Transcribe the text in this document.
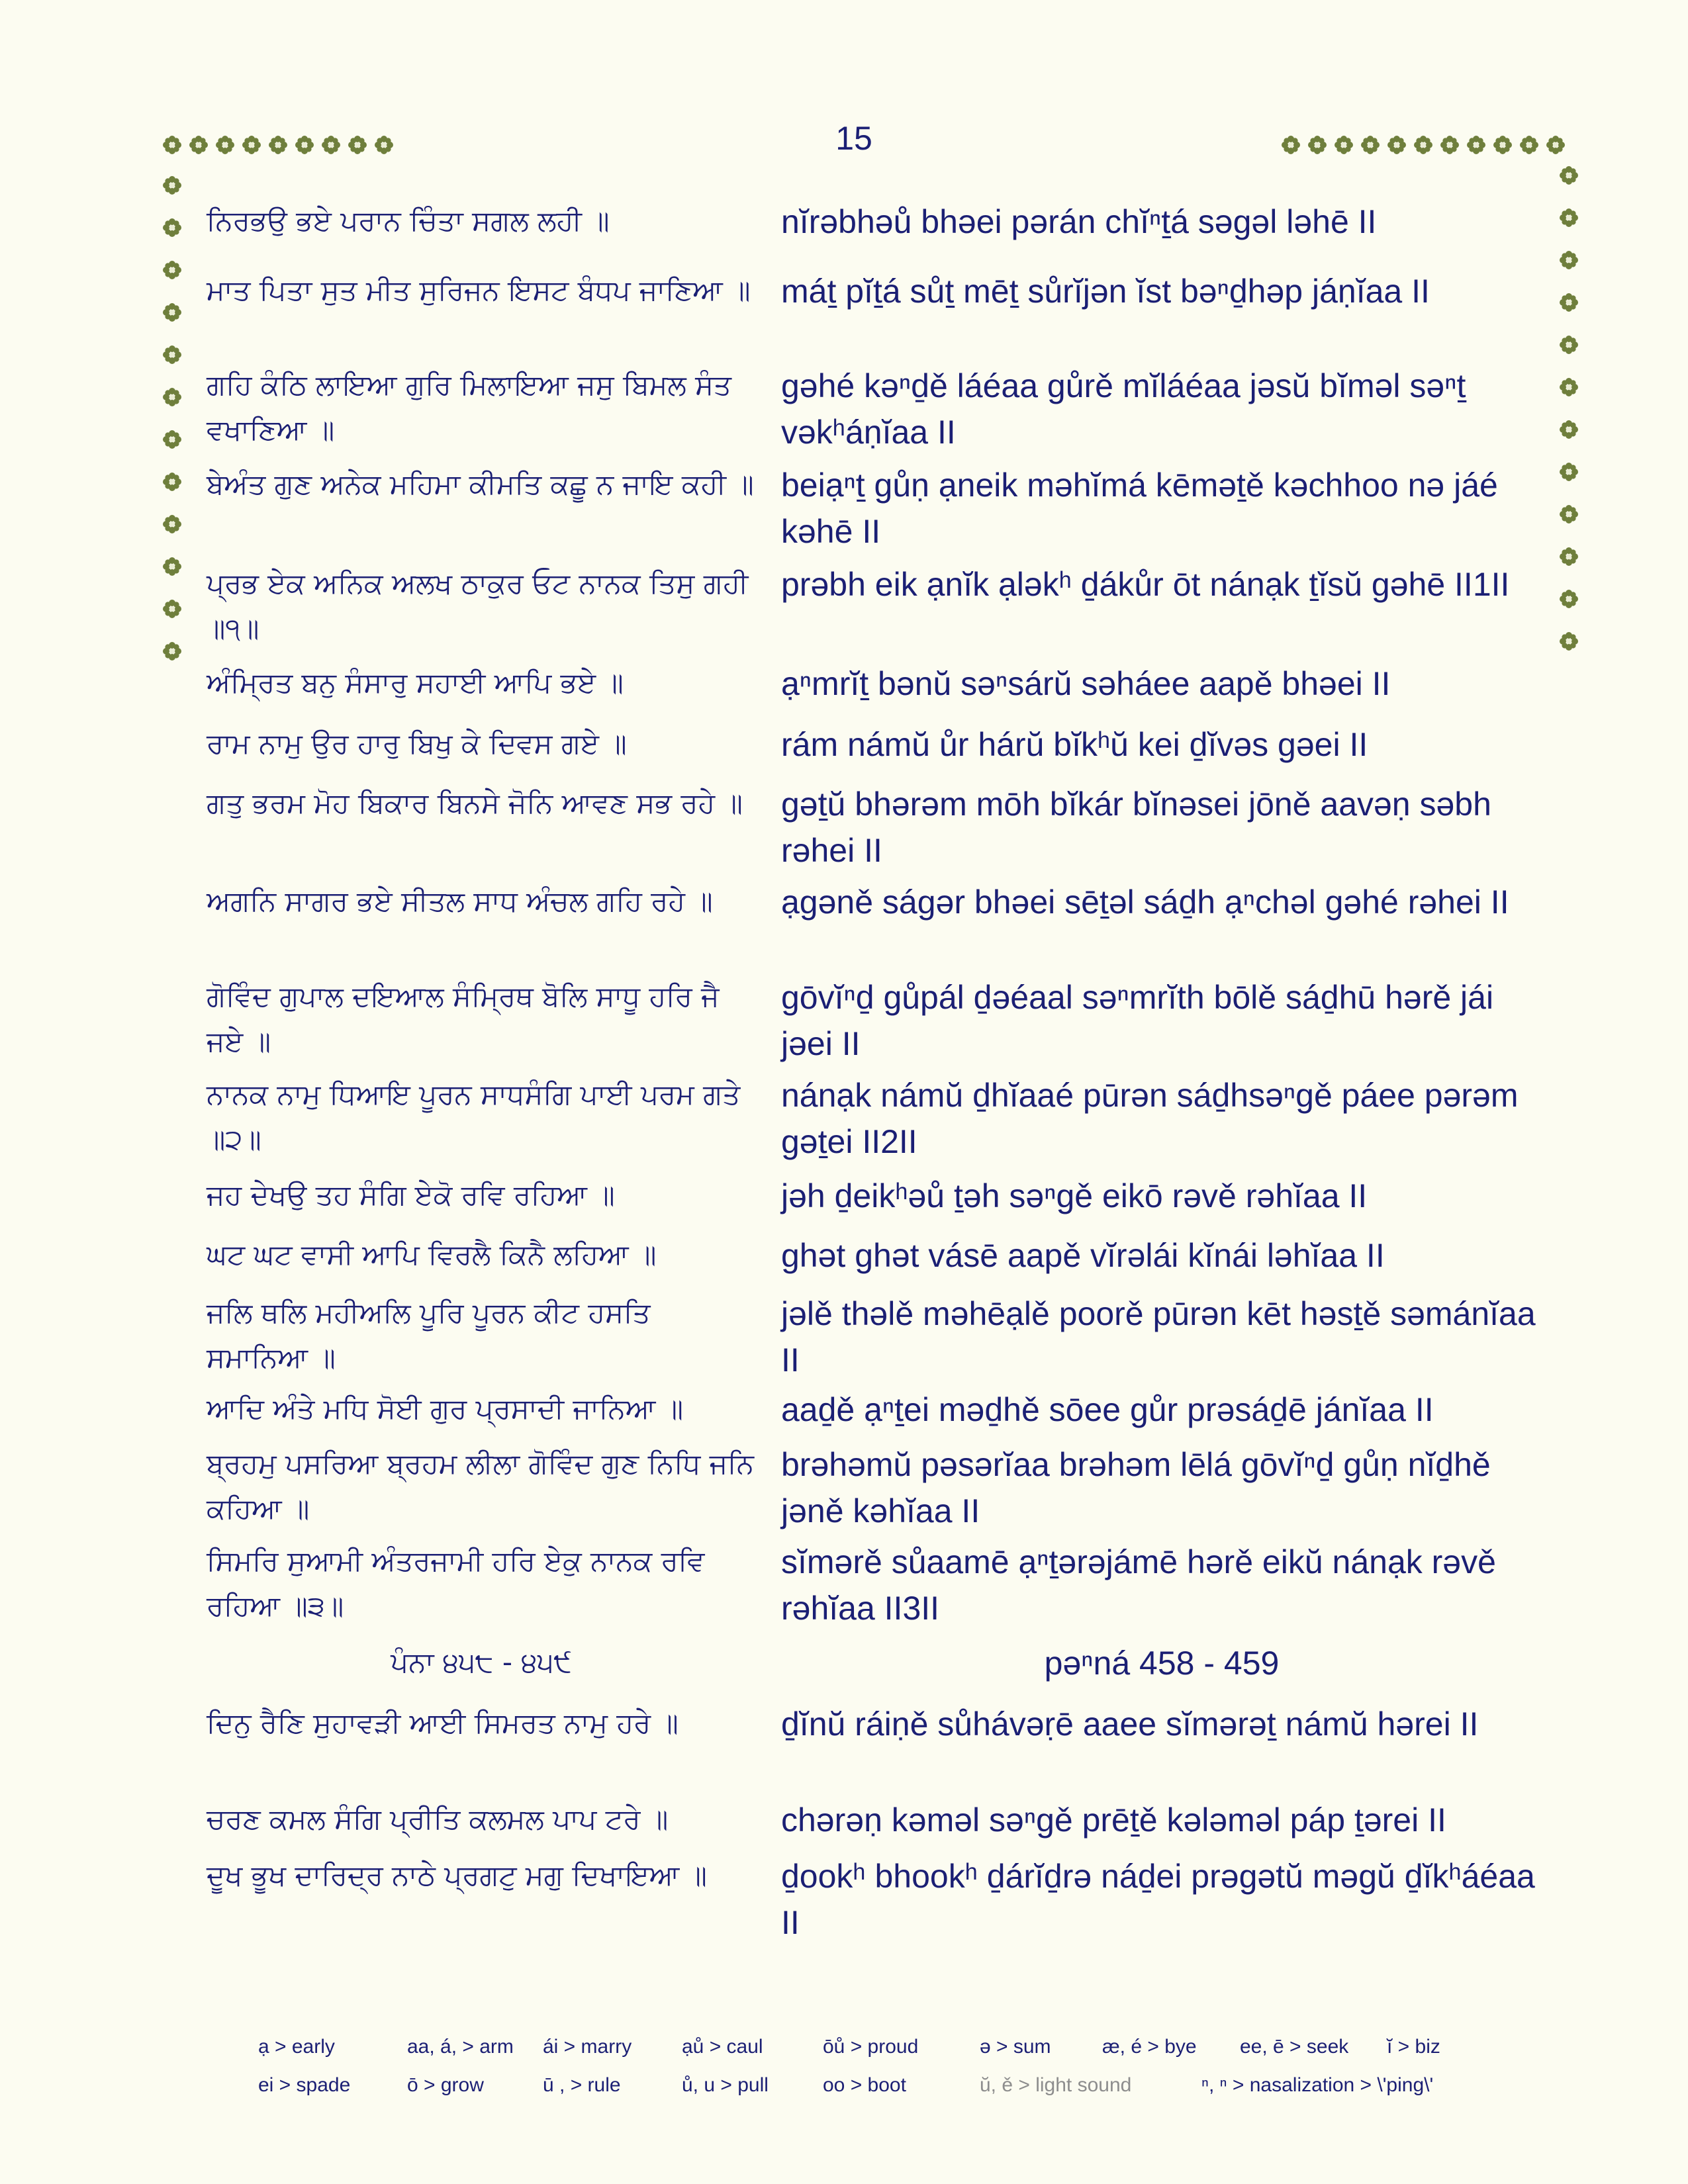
15
ਨਿਰਭਉ ਭਏ ਪਰਾਨ ਚਿੰਤਾ ਸਗਲ ਲਹੀ ॥	nĭrəbhəů bhəei pərán chĭⁿṯá səgəl ləhē II
ਮਾਤ ਪਿਤਾ ਸੁਤ ਮੀਤ ਸੁਰਿਜਨ ਇਸਟ ਬੰਧਪ ਜਾਣਿਆ ॥ máṯ pĭṯá sůṯ mēṯ sůrĭjən ĭst bəⁿḏhəp jáṇĭaa II
ਗਹਿ ਕੰਠਿ ਲਾਇਆ ਗੁਰਿ ਮਿਲਾਇਆ ਜਸੁ ਬਿਮਲ ਸੰਤ ਵਖਾਣਿਆ ॥
gəhé kəⁿḏě láéaa gůrě mĭláéaa jəsŭ bĭməl səⁿṯ vəkʰáṇĭaa II
ਬੇਅੰਤ ਗੁਣ ਅਨੇਕ ਮਹਿਮਾ ਕੀਮਤਿ ਕਛੂ ਨ ਜਾਇ ਕਹੀ ॥ beiạⁿṯ gůṇ ạneik məhĭmá kēməṯě kəchhoo nə jáé kəhē II
ਪ੍ਰਭ ਏਕ ਅਨਿਕ ਅਲਖ ਠਾਕੁਰ ਓਟ ਨਾਨਕ ਤਿਸੁ ਗਹੀ ॥੧॥
prəbh eik ạnĭk ạləkʰ ḏákůr ōt nánạk ṯĭsŭ gəhē II1II
ਅੰਮ੍ਰਿਤ ਬਨੁ ਸੰਸਾਰੁ ਸਹਾਈ ਆਪਿ ਭਏ ॥	ạⁿmrĭṯ bənŭ səⁿsárŭ səháee aapě bhəei II
ਰਾਮ ਨਾਮੁ ਉਰ ਹਾਰੁ ਬਿਖੁ ਕੇ ਦਿਵਸ ਗਏ ॥	rám námŭ ůr hárŭ bĭkʰŭ kei ḏĭvəs gəei II
ਗਤੁ ਭਰਮ ਮੋਹ ਬਿਕਾਰ ਬਿਨਸੇ ਜੋਨਿ ਆਵਣ ਸਭ ਰਹੇ ॥	gəṯŭ bhərəm mōh bĭkár bĭnəsei jōně aavəṇ səbh rəhei II
ਅਗਨਿ ਸਾਗਰ ਭਏ ਸੀਤਲ ਸਾਧ ਅੰਚਲ ਗਹਿ ਰਹੇ ॥	ạgəně ságər bhəei sēṯəl sáḏh ạⁿchəl gəhé rəhei II
ਗੋਵਿੰਦ ਗੁਪਾਲ ਦਇਆਲ ਸੰਮ੍ਰਿਥ ਬੋਲਿ ਸਾਧੂ ਹਰਿ ਜੈ ਜਏ ॥
gōvĭⁿḏ gůpál ḏəéaal səⁿmrĭth bōlě sáḏhū hərě jái jəei II
ਨਾਨਕ ਨਾਮੁ ਧਿਆਇ ਪੂਰਨ ਸਾਧਸੰਗਿ ਪਾਈ ਪਰਮ ਗਤੇ ॥੨॥
nánạk námŭ ḏhĭaaé pūrən sáḏhsəⁿgě páee pərəm gəṯei II2II
ਜਹ ਦੇਖਉ ਤਹ ਸੰਗਿ ਏਕੋ ਰਵਿ ਰਹਿਆ ॥	jəh ḏeikʰəů ṯəh səⁿgě eikō rəvě rəhĭaa II
ਘਟ ਘਟ ਵਾਸੀ ਆਪਿ ਵਿਰਲੈ ਕਿਨੈ ਲਹਿਆ ॥	ghət ghət vásē aapě vĭrəlái kĭnái ləhĭaa II
ਜਲਿ ਥਲਿ ਮਹੀਅਲਿ ਪੂਰਿ ਪੂਰਨ ਕੀਟ ਹਸਤਿ ਸਮਾਨਿਆ ॥
jəlě thəlě məhēạlě poorě pūrən kēt həsṯě səmánĭaa II
ਆਦਿ ਅੰਤੇ ਮਧਿ ਸੋਈ ਗੁਰ ਪ੍ਰਸਾਦੀ ਜਾਨਿਆ ॥	aaḏě ạⁿṯei məḏhě sōee gůr prəsáḏē jánĭaa II
ਬ੍ਰਹਮੁ ਪਸਰਿਆ ਬ੍ਰਹਮ ਲੀਲਾ ਗੋਵਿੰਦ ਗੁਣ ਨਿਧਿ ਜਨਿ ਕਹਿਆ ॥
brəhəmŭ pəsərĭaa brəhəm lēlá gōvĭⁿḏ gůṇ nĭḏhě jəně kəhĭaa II
ਸਿਮਰਿ ਸੁਆਮੀ ਅੰਤਰਜਾਮੀ ਹਰਿ ਏਕੁ ਨਾਨਕ ਰਵਿ ਰਹਿਆ ॥੩॥
sĭmərě sůaamē ạⁿṯərəjámē hərě eikŭ nánạk rəvě rəhĭaa II3II
ਪੰਨਾ ੪੫੮ - ੪੫੯	pəⁿná 458 - 459
ਦਿਨੁ ਰੈਣਿ ਸੁਹਾਵੜੀ ਆਈ ਸਿਮਰਤ ਨਾਮੁ ਹਰੇ ॥	ḏĭnŭ ráiṇě sůhávəṛē aaee sĭmərəṯ námŭ hərei II
ਚਰਣ ਕਮਲ ਸੰਗਿ ਪ੍ਰੀਤਿ ਕਲਮਲ ਪਾਪ ਟਰੇ ॥	chərəṇ kəməl səⁿgě prēṯě kələməl páp ṯərei II
ਦੂਖ ਭੂਖ ਦਾਰਿਦ੍ਰ ਨਾਠੇ ਪ੍ਰਗਟੁ ਮਗੁ ਦਿਖਾਇਆ ॥	ḏookʰ bhookʰ ḏárĭḏrə náḏei prəgətŭ məgŭ ḏĭkʰáéaa II
ạ > early	aa, á, > arm ái > marry	ạů > caul	ōů > proud	ə > sum	æ, é > bye ee, ē > seek ĭ > biz
ei > spade	ō > grow	ū , > rule	ů, u > pull	oo > boot	ŭ, ě > light sound	ⁿ, ⁿ > nasalization > \'ping\'
